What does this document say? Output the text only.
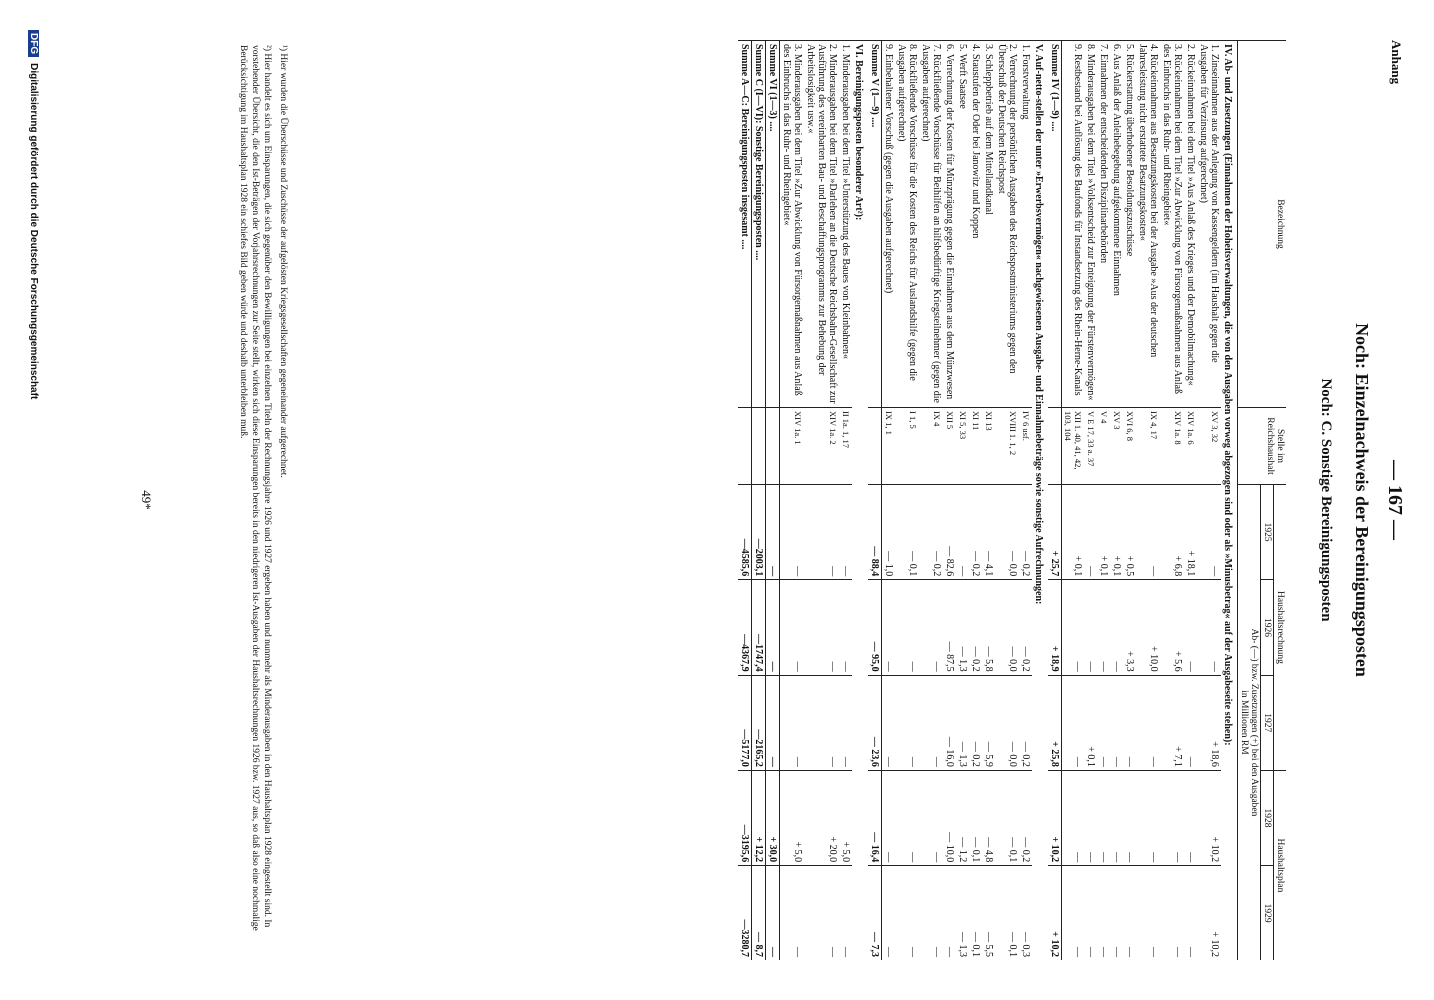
Anhang
— 167 —
Noch: Einzelnachweis der Bereinigungsposten
Noch: C. Sonstige Bereinigungsposten
Bezeichnung	Stelle im Reichshaushalt	Haushaltsrechnung			Haushaltsplan	
		1925	1926	1927	1928	1929
		Ab- (—) bzw. Zusetzungen (+) bei den Ausgaben
in Millionen RM				
IV. Ab- und Zusetzungen (Einnahmen der Hoheitsverwaltungen, die von den Ausgaben vorweg abgezogen sind oder als »Minusbetrag« auf der Ausgabeseite stehen):						
1. Zinseinnahmen aus der Anlegung von Kassengeldern (im Haushalt gegen die Ausgaben für Verzinsung aufgerechnet)	XV 3, 32	—	—	+ 18,6	+ 10,2	+ 10,2
2. Rückeinnahmen bei dem Titel »Aus Anlaß des Krieges und der Demobilmachung«	XIV 1a. 6	+ 18,1	—	—	—	—
3. Rückeinnahmen bei dem Titel »Zur Abwicklung von Fürsorgemaßnahmen aus Anlaß des Einbruchs in das Ruhr- und Rheingebiet«	XIV 1a. 8	+ 6,8	+ 5,6	+ 7,1	—	—
4. Rückeinnahmen aus Besatzungskosten bei der Ausgabe »Aus der deutschen Jahresleistung nicht erstattete Besatzungskosten«	IX 4, 17	—	+ 10,0	—	—	—
5. Rückerstattung überhobener Besoldungszuschüsse	XVI 6, 8	+ 0,5	+ 3,3	—	—	—
6. Aus Anlaß der Anleihebegebung aufgekommene Einnahmen	XV 3	+ 0,1	—	—	—	—
7. Einnahmen der entscheidenden Disziplinarbehörden	V 4	+ 0,1	—	—	—	—
8. Minderausgaben bei dem Titel »Volksentscheid zur Enteignung der Fürstenvermögen«	V E 17, 33 a. 37	—	—	+ 0,1	—	—
9. Restbestand bei Auflösung des Baufonds für Instandsetzung des Rhein-Herne-Kanals	XII 1. 40, 41, 42, 103, 104	+ 0,1	—	—	—	—
Summe IV (1—9) ....		+ 25,7	+ 18,9	+ 25,8	+ 10,2	+ 10,2
V. Auf-netto-stellen der unter »Erwerbsvermögen« nachgewiesenen Ausgabe- und Einnahmebeträge sowie sonstige Aufrechnungen:						
1. Forstverwaltung	IV 6 usf.	— 0,2	— 0,2	— 0,2	— 0,2	— 0,3
2. Verrechnung der persönlichen Ausgaben des Reichspostministeriums gegen den Überschuß der Deutschen Reichspost	XVIII 1. 1, 2	— 0,0	— 0,0	— 0,0	— 0,1	— 0,1
3. Schleppbetrieb auf dem Mittellandkanal	XI 13	— 4,1	— 5,8	— 5,9	— 4,8	— 5,5
4. Staustufen der Oder bei Janowitz und Koppen	XI 11	— 0,2	— 0,2	— 0,2	— 0,1	— 0,1
5. Werft Saatsee	XI 5, 33	—	— 1,3	— 1,3	— 1,2	— 1,3
6. Verrechnung der Kosten für Münzprägung gegen die Einnahmen aus dem Münzwesen	XII 5	— 82,6	— 87,5	— 16,0	— 10,0	—
7. Rückfließende Vorschüsse für Beihilfen an hilfsbedürftige Kriegsteilnehmer (gegen die Ausgaben aufgerechnet)	IX 4	— 0,2	—	—	—	—
8. Rückfließende Vorschüsse für die Kosten des Reichs für Auslandshilfe (gegen die Ausgaben aufgerechnet)	I 1, 5	— 0,1	—	—	—	—
9. Einbehaltener Vorschuß (gegen die Ausgaben aufgerechnet)	IX 1, 1	— 1,0	—	—	—	—
Summe V (1—9) ....		— 88,4	— 95,0	— 23,6	— 16,4	— 7,3
VI. Bereinigungsposten besonderer Art²):						
1. Minderausgaben bei dem Titel »Unterstützung des Baues von Kleinbahnen«	II 1a. 1, 17	—	—	—	+ 5,0	—
2. Minderausgaben bei dem Titel »Darlehen an die Deutsche Reichsbahn-Gesellschaft zur Ausführung des vereinbarten Bau- und Beschaffungsprogramms zur Behebung der Arbeitslosigkeit usw.«	XIV 1a. 2	—	—	—	+ 20,0	—
3. Minderausgaben bei dem Titel »Zur Abwicklung von Fürsorgemaßnahmen aus Anlaß des Einbruchs in das Ruhr- und Rheingebiet«	XIV 1a. 1	—	—	—	+ 5,0	—
Summe VI (1—3) ....		—	—	—	+ 30,0	—
Summe C (I—VI): Sonstige Bereinigungsposten ....		—2003,1	—1747,4	—2165,2	+ 12,2	— 8,7
Summe A—C: Bereinigungsposten insgesamt ....		—4585,6	—4367,9	—5177,0	—3195,6	—3280,7

¹) Hier wurden die Überschüsse und Zuschüsse der aufgelösten Kriegsgesellschaften gegeneinander aufgerechnet.

²) Hier handelt es sich um Einsparungen, die sich gegenüber den Bewilligungen bei einzelnen Titeln der Rechnungsjahre 1926 und 1927 ergeben haben und nunmehr als Minderausgaben in den Haushaltsplan 1928 eingestellt sind. In vorstehender Übersicht, die den Ist-Beträgen der Vorjahrsrechnungen zur Seite stellt, wirken sich diese Einsparungen bereits in den niedrigeren Ist-Ausgaben der Haushaltsrechnungen 1926 bzw. 1927 aus, so daß also eine nochmalige Berücksichtigung im Haushaltsplan 1928 ein schiefes Bild geben würde und deshalb unterbleiben muß.

49*
DFGDigitalisierung gefördert durch die Deutsche Forschungsgemeinschaft
